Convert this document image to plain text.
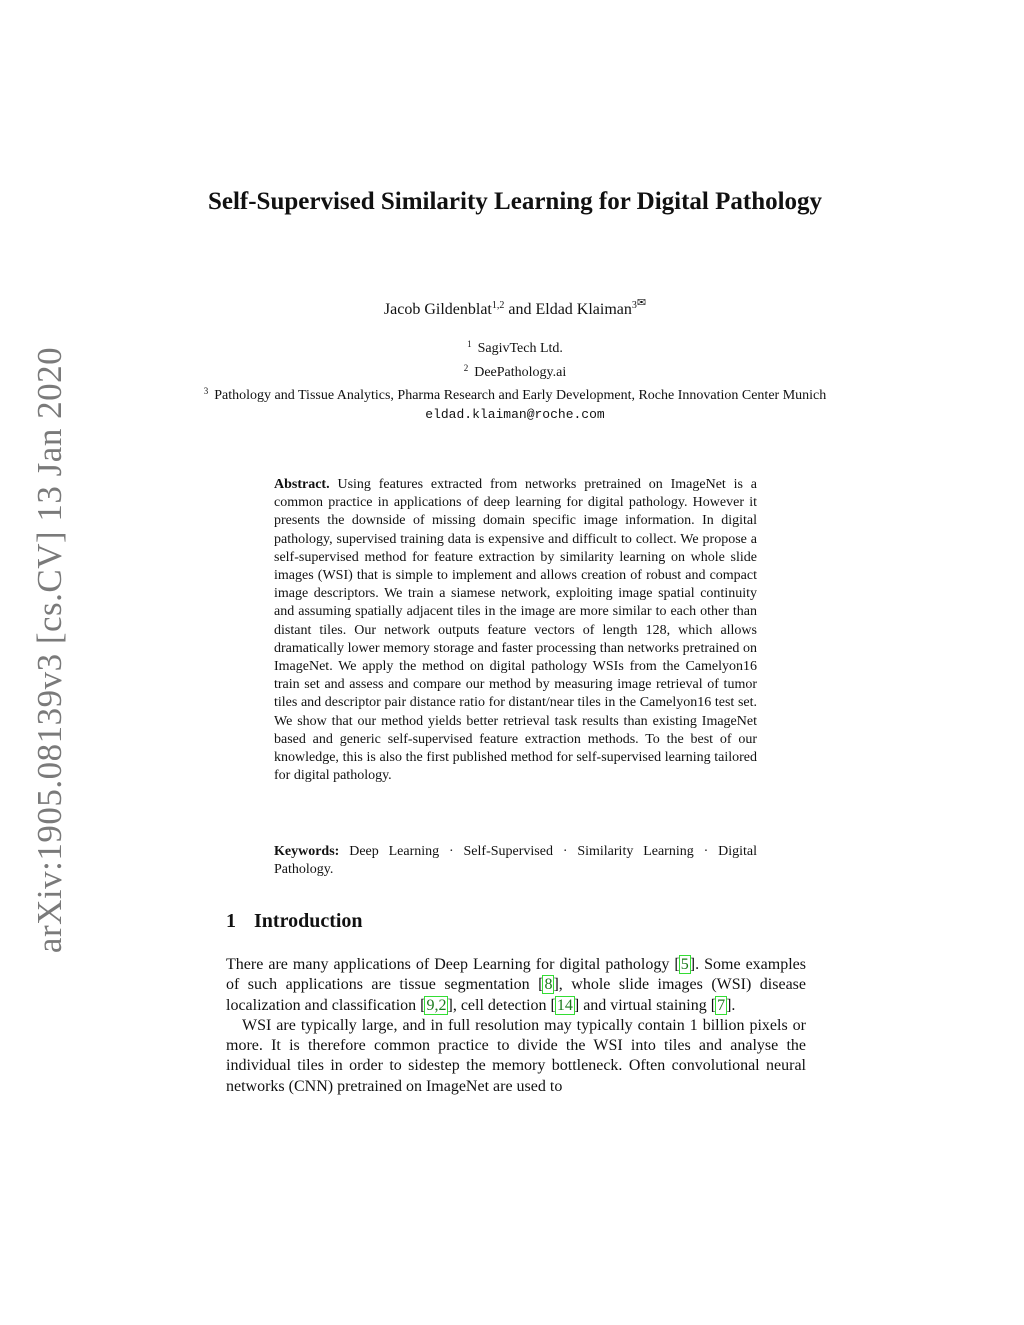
arXiv:1905.08139v3 [cs.CV] 13 Jan 2020
Self-Supervised Similarity Learning for Digital Pathology
Jacob Gildenblat$^{1,2}$ and Eldad Klaiman$^{3✉}$
$^1$ SagivTech Ltd.
$^2$ DeePathology.ai
$^3$ Pathology and Tissue Analytics, Pharma Research and Early Development, Roche Innovation Center Munich
eldad.klaiman@roche.com
Abstract. Using features extracted from networks pretrained on ImageNet is a common practice in applications of deep learning for digital pathology. However it presents the downside of missing domain specific image information. In digital pathology, supervised training data is expensive and difficult to collect. We propose a self-supervised method for feature extraction by similarity learning on whole slide images (WSI) that is simple to implement and allows creation of robust and compact image descriptors. We train a siamese network, exploiting image spatial continuity and assuming spatially adjacent tiles in the image are more similar to each other than distant tiles. Our network outputs feature vectors of length 128, which allows dramatically lower memory storage and faster processing than networks pretrained on ImageNet. We apply the method on digital pathology WSIs from the Camelyon16 train set and assess and compare our method by measuring image retrieval of tumor tiles and descriptor pair distance ratio for distant/near tiles in the Camelyon16 test set. We show that our method yields better retrieval task results than existing ImageNet based and generic self-supervised feature extraction methods. To the best of our knowledge, this is also the first published method for self-supervised learning tailored for digital pathology.
Keywords: Deep Learning · Self-Supervised · Similarity Learning · Digital Pathology.
1 Introduction

There are many applications of Deep Learning for digital pathology [5]. Some examples of such applications are tissue segmentation [8], whole slide images (WSI) disease localization and classification [9,2], cell detection [14] and virtual staining [7].

WSI are typically large, and in full resolution may typically contain 1 billion pixels or more. It is therefore common practice to divide the WSI into tiles and analyse the individual tiles in order to sidestep the memory bottleneck. Often convolutional neural networks (CNN) pretrained on ImageNet are used to
